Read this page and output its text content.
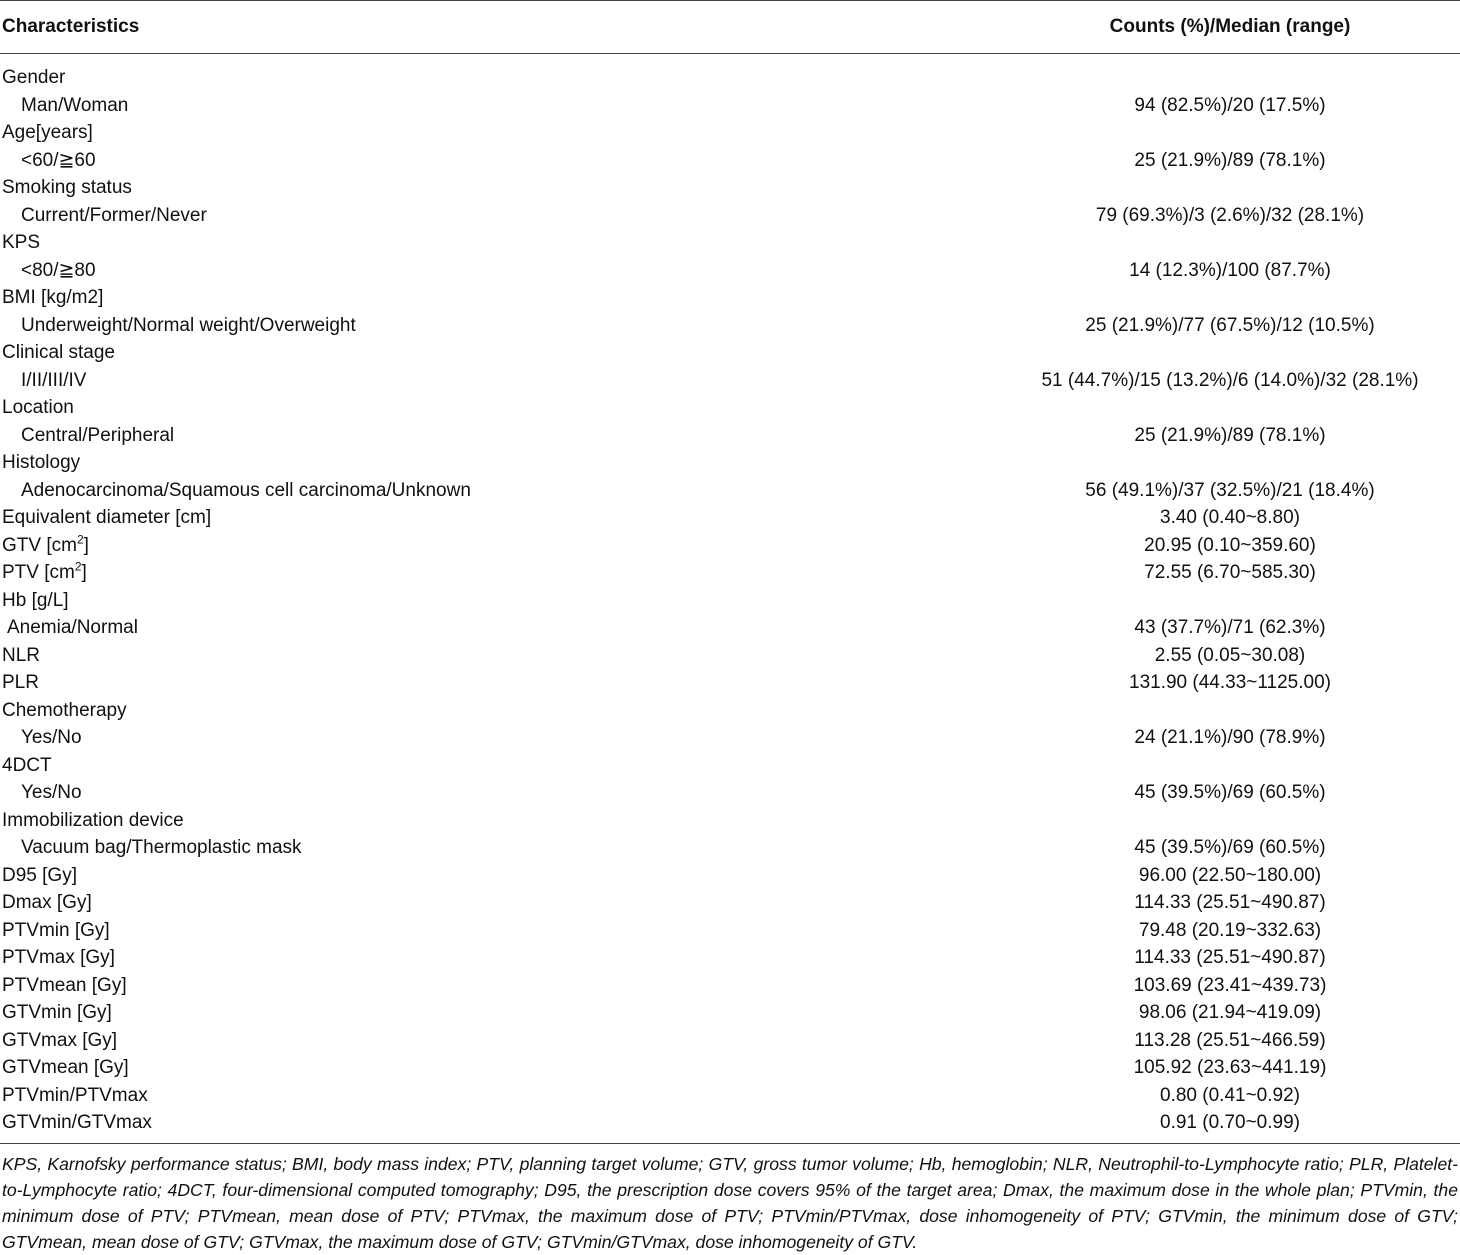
Characteristics	Counts (%)/Median (range)
Gender	
Man/Woman	94 (82.5%)/20 (17.5%)
Age[years]	
<60/≧60	25 (21.9%)/89 (78.1%)
Smoking status	
Current/Former/Never	79 (69.3%)/3 (2.6%)/32 (28.1%)
KPS	
<80/≧80	14 (12.3%)/100 (87.7%)
BMI [kg/m2]	
Underweight/Normal weight/Overweight	25 (21.9%)/77 (67.5%)/12 (10.5%)
Clinical stage	
I/II/III/IV	51 (44.7%)/15 (13.2%)/6 (14.0%)/32 (28.1%)
Location	
Central/Peripheral	25 (21.9%)/89 (78.1%)
Histology	
Adenocarcinoma/Squamous cell carcinoma/Unknown	56 (49.1%)/37 (32.5%)/21 (18.4%)
Equivalent diameter [cm]	3.40 (0.40~8.80)
GTV $[cm^2]$	20.95 (0.10~359.60)
PTV $[cm^2]$	72.55 (6.70~585.30)
Hb [g/L]	
Anemia/Normal	43 (37.7%)/71 (62.3%)
NLR	2.55 (0.05~30.08)
PLR	131.90 (44.33~1125.00)
Chemotherapy	
Yes/No	24 (21.1%)/90 (78.9%)
4DCT	
Yes/No	45 (39.5%)/69 (60.5%)
Immobilization device	
Vacuum bag/Thermoplastic mask	45 (39.5%)/69 (60.5%)
D95 [Gy]	96.00 (22.50~180.00)
Dmax [Gy]	114.33 (25.51~490.87)
PTVmin [Gy]	79.48 (20.19~332.63)
PTVmax [Gy]	114.33 (25.51~490.87)
PTVmean [Gy]	103.69 (23.41~439.73)
GTVmin [Gy]	98.06 (21.94~419.09)
GTVmax [Gy]	113.28 (25.51~466.59)
GTVmean [Gy]	105.92 (23.63~441.19)
PTVmin/PTVmax	0.80 (0.41~0.92)
GTVmin/GTVmax	0.91 (0.70~0.99)
KPS, Karnofsky performance status; BMI, body mass index; PTV, planning target volume; GTV, gross tumor volume; Hb, hemoglobin; NLR, Neutrophil-to-Lymphocyte ratio; PLR, Platelet-to-Lymphocyte ratio; 4DCT, four-dimensional computed tomography; D95, the prescription dose covers 95% of the target area; Dmax, the maximum dose in the whole plan; PTVmin, the minimum dose of PTV; PTVmean, mean dose of PTV; PTVmax, the maximum dose of PTV; PTVmin/PTVmax, dose inhomogeneity of PTV; GTVmin, the minimum dose of GTV; GTVmean, mean dose of GTV; GTVmax, the maximum dose of GTV; GTVmin/GTVmax, dose inhomogeneity of GTV.
